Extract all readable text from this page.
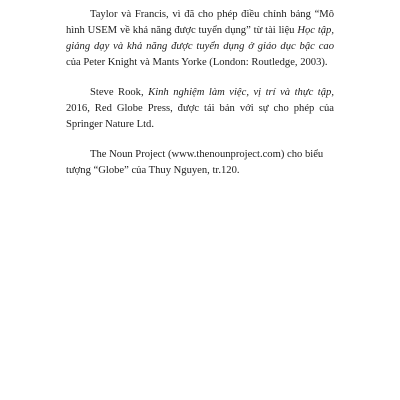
Taylor và Francis, vì đã cho phép điều chỉnh bảng “Mô hình USEM về khả năng được tuyển dụng” từ tài liệu Học tập, giảng dạy và khả năng được tuyển dụng ở giáo dục bậc cao của Peter Knight và Mants Yorke (London: Routledge, 2003).

Steve Rook, Kinh nghiệm làm việc, vị trí và thực tập, 2016, Red Globe Press, được tái bản với sự cho phép của Springer Nature Ltd.

The Noun Project (www.thenounproject.com) cho biểu tượng “Globe” của Thuy Nguyen, tr.120.
